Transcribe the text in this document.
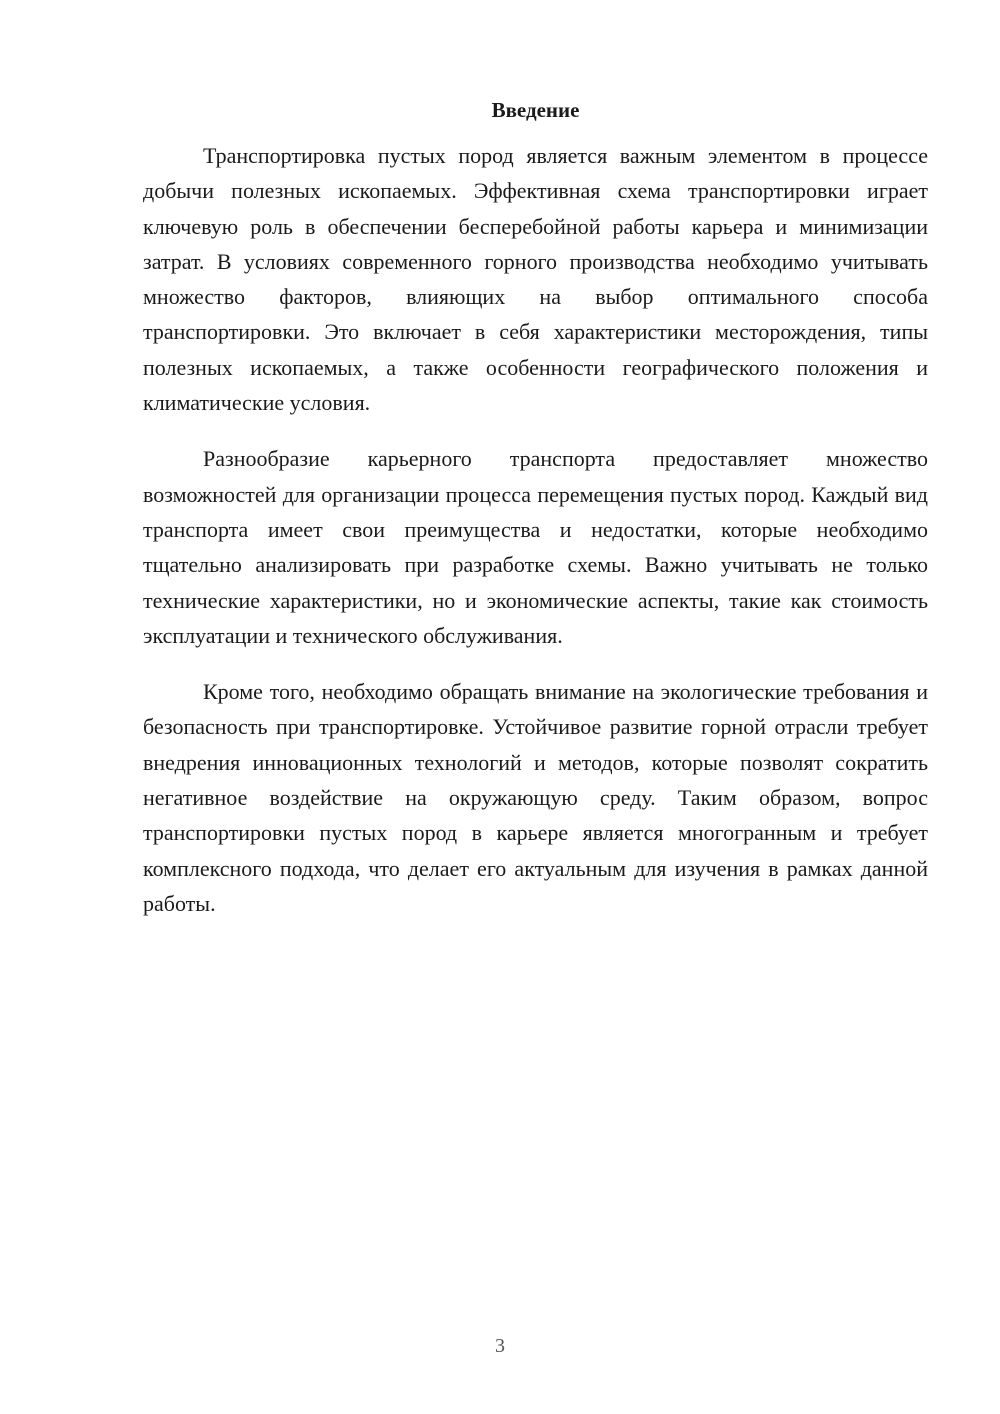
Введение

Транспортировка пустых пород является важным элементом в процессе добычи полезных ископаемых. Эффективная схема транспортировки играет ключевую роль в обеспечении бесперебойной работы карьера и минимизации затрат. В условиях современного горного производства необходимо учитывать множество факторов, влияющих на выбор оптимального способа транспортировки. Это включает в себя характеристики месторождения, типы полезных ископаемых, а также особенности географического положения и климатические условия.

Разнообразие карьерного транспорта предоставляет множество возможностей для организации процесса перемещения пустых пород. Каждый вид транспорта имеет свои преимущества и недостатки, которые необходимо тщательно анализировать при разработке схемы. Важно учитывать не только технические характеристики, но и экономические аспекты, такие как стоимость эксплуатации и технического обслуживания.

Кроме того, необходимо обращать внимание на экологические требования и безопасность при транспортировке. Устойчивое развитие горной отрасли требует внедрения инновационных технологий и методов, которые позволят сократить негативное воздействие на окружающую среду. Таким образом, вопрос транспортировки пустых пород в карьере является многогранным и требует комплексного подхода, что делает его актуальным для изучения в рамках данной работы.

3
